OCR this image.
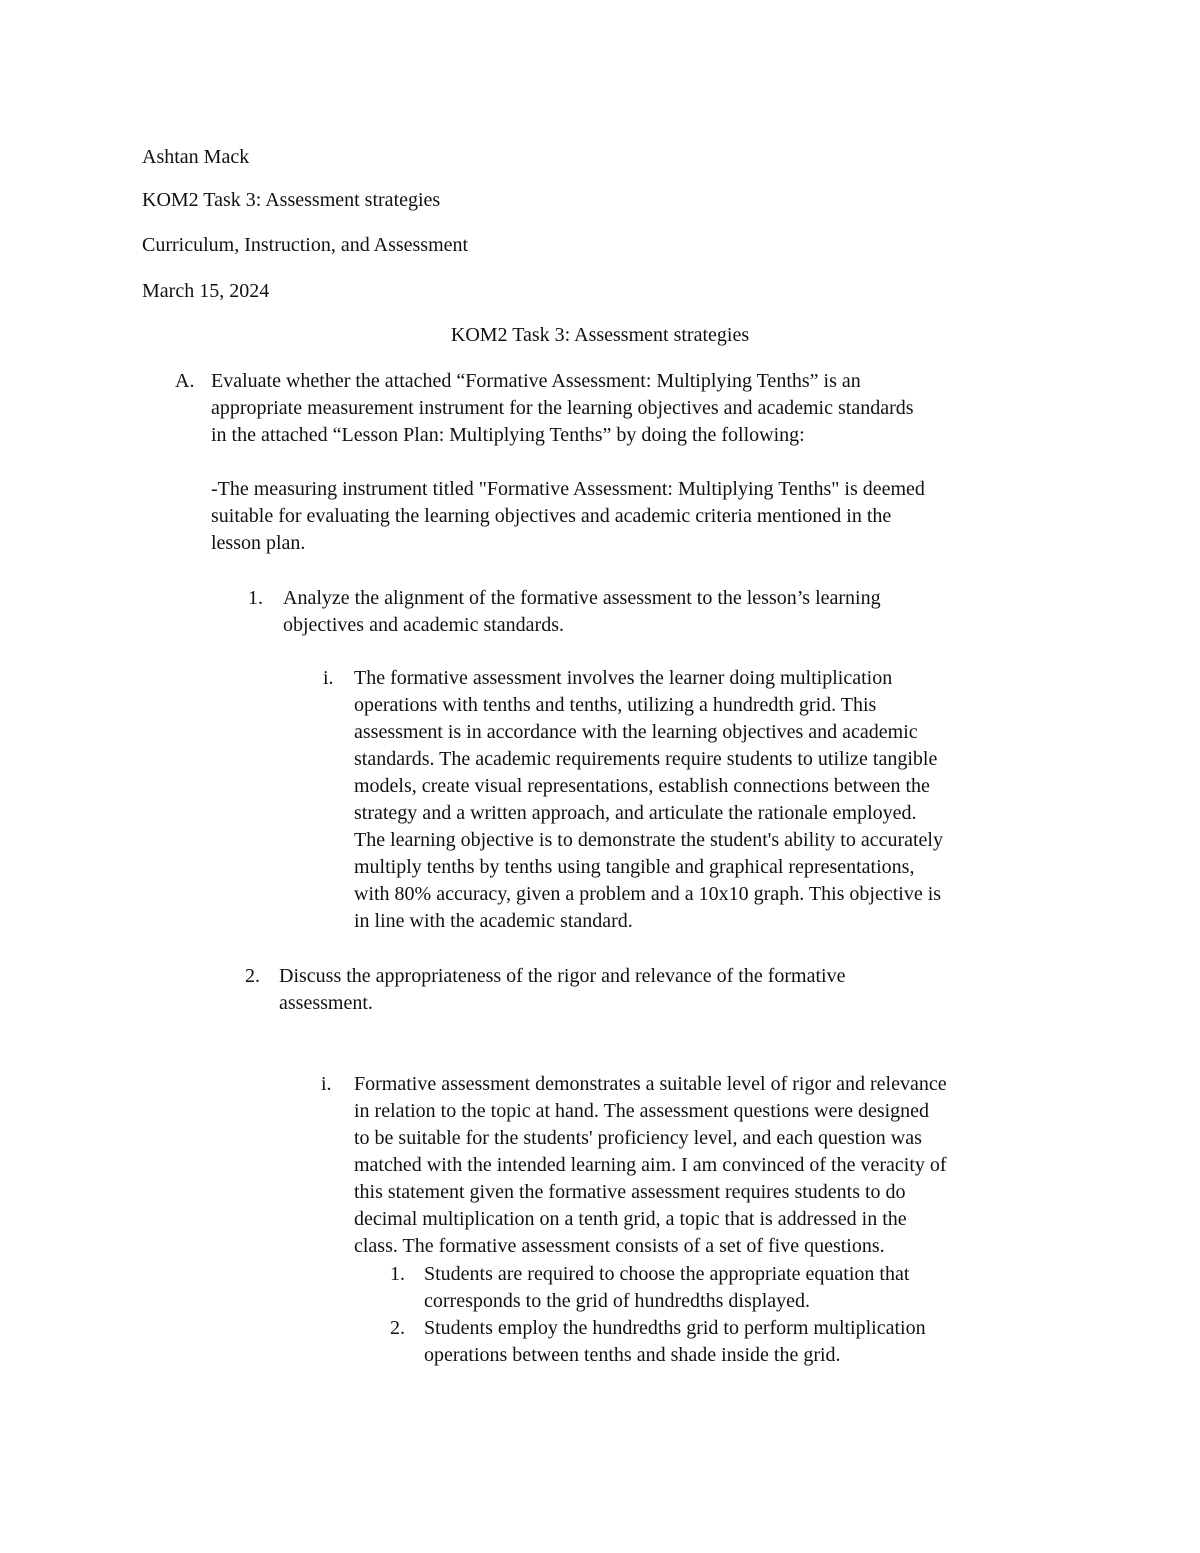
Ashtan Mack
KOM2 Task 3: Assessment strategies
Curriculum, Instruction, and Assessment
March 15, 2024
KOM2 Task 3: Assessment strategies
A. Evaluate whether the attached “Formative Assessment: Multiplying Tenths” is an
appropriate measurement instrument for the learning objectives and academic standards
in the attached “Lesson Plan: Multiplying Tenths” by doing the following:
-The measuring instrument titled "Formative Assessment: Multiplying Tenths" is deemed
suitable for evaluating the learning objectives and academic criteria mentioned in the
lesson plan.
1. Analyze the alignment of the formative assessment to the lesson’s learning
objectives and academic standards.
i. The formative assessment involves the learner doing multiplication
operations with tenths and tenths, utilizing a hundredth grid. This
assessment is in accordance with the learning objectives and academic
standards. The academic requirements require students to utilize tangible
models, create visual representations, establish connections between the
strategy and a written approach, and articulate the rationale employed.
The learning objective is to demonstrate the student's ability to accurately
multiply tenths by tenths using tangible and graphical representations,
with 80% accuracy, given a problem and a 10x10 graph. This objective is
in line with the academic standard.
2. Discuss the appropriateness of the rigor and relevance of the formative
assessment.
i. Formative assessment demonstrates a suitable level of rigor and relevance
in relation to the topic at hand. The assessment questions were designed
to be suitable for the students' proficiency level, and each question was
matched with the intended learning aim. I am convinced of the veracity of
this statement given the formative assessment requires students to do
decimal multiplication on a tenth grid, a topic that is addressed in the
class. The formative assessment consists of a set of five questions.
1. Students are required to choose the appropriate equation that
corresponds to the grid of hundredths displayed.
2. Students employ the hundredths grid to perform multiplication
operations between tenths and shade inside the grid.
